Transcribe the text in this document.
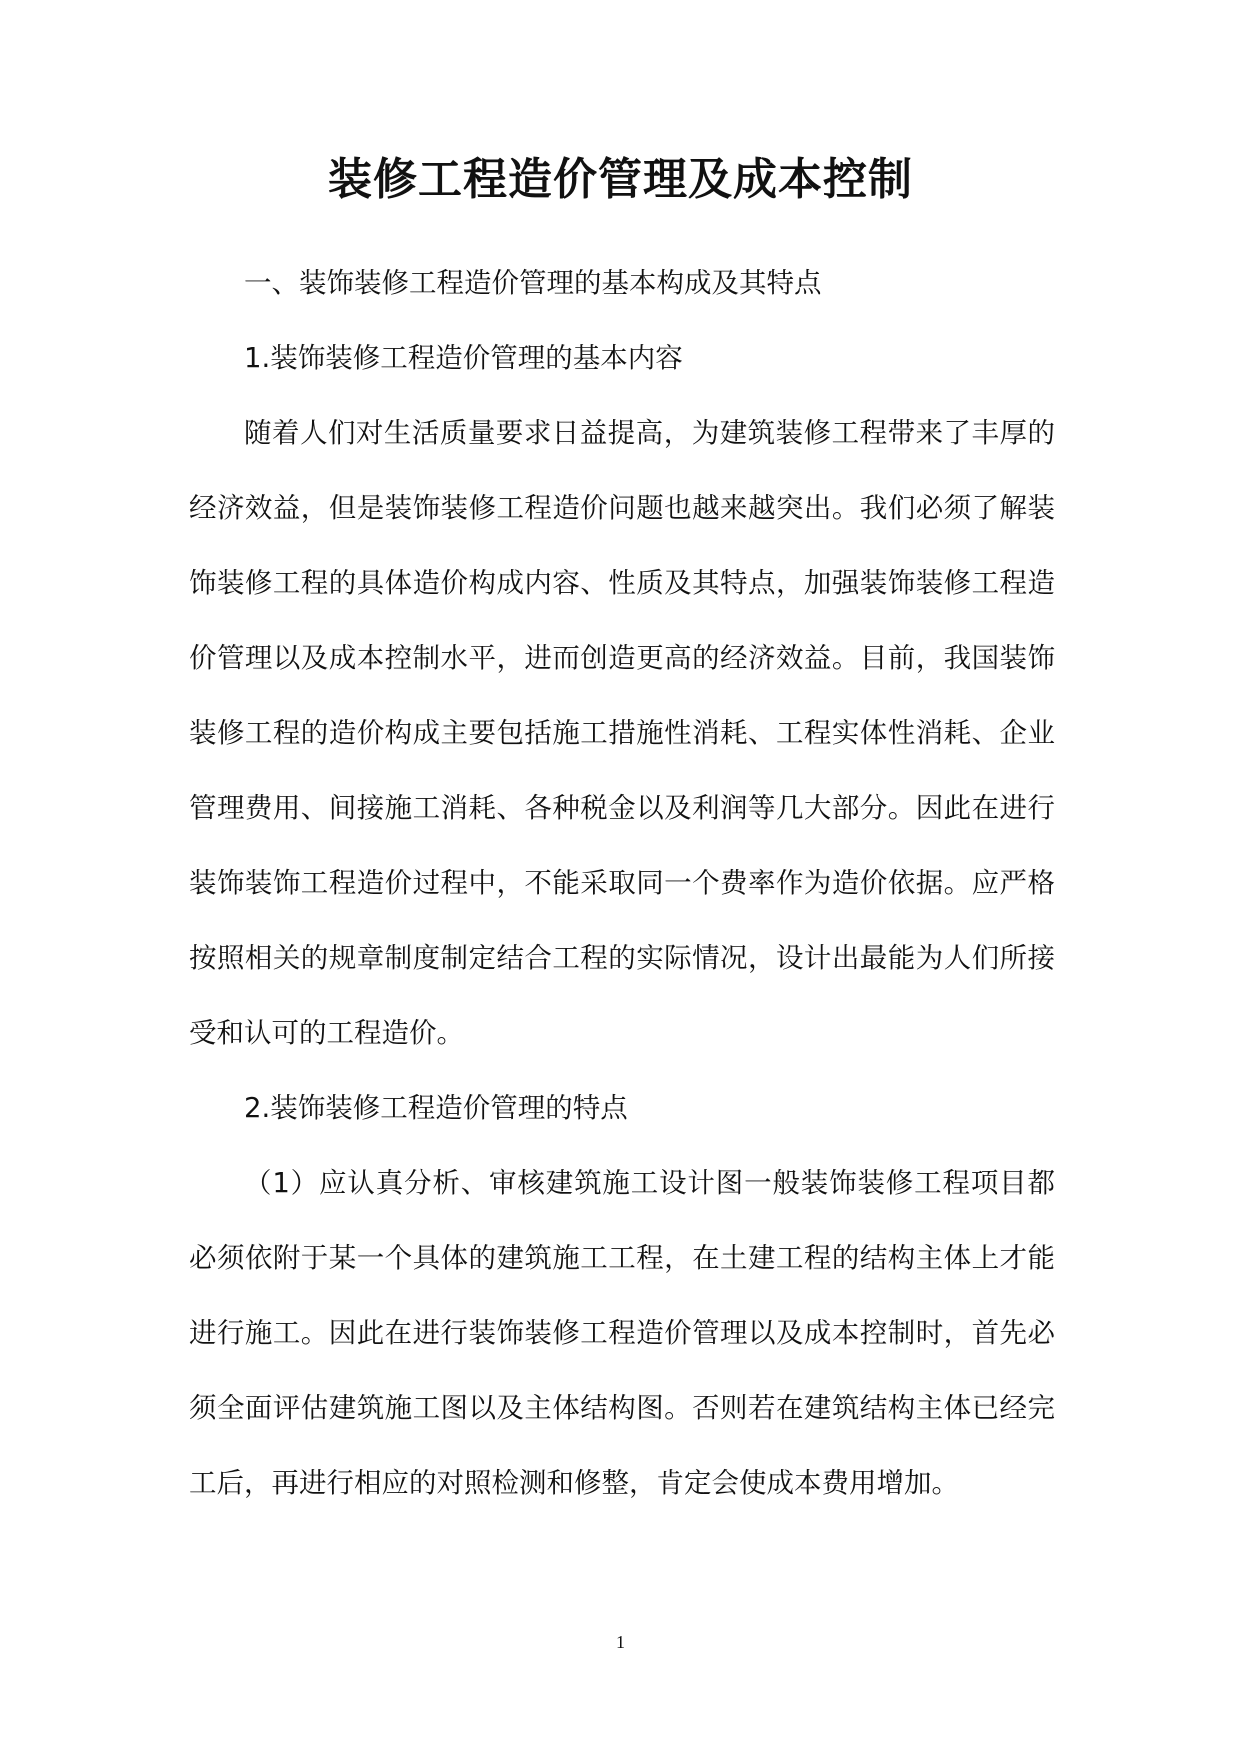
装修工程造价管理及成本控制

一、装饰装修工程造价管理的基本构成及其特点

1.装饰装修工程造价管理的基本内容

随着人们对生活质量要求日益提高，为建筑装修工程带来了丰厚的经济效益，但是装饰装修工程造价问题也越来越突出。我们必须了解装饰装修工程的具体造价构成内容、性质及其特点，加强装饰装修工程造价管理以及成本控制水平，进而创造更高的经济效益。目前，我国装饰装修工程的造价构成主要包括施工措施性消耗、工程实体性消耗、企业管理费用、间接施工消耗、各种税金以及利润等几大部分。因此在进行装饰装饰工程造价过程中，不能采取同一个费率作为造价依据。应严格按照相关的规章制度制定结合工程的实际情况，设计出最能为人们所接受和认可的工程造价。

2.装饰装修工程造价管理的特点

（1）应认真分析、审核建筑施工设计图一般装饰装修工程项目都必须依附于某一个具体的建筑施工工程，在土建工程的结构主体上才能进行施工。因此在进行装饰装修工程造价管理以及成本控制时，首先必须全面评估建筑施工图以及主体结构图。否则若在建筑结构主体已经完工后，再进行相应的对照检测和修整，肯定会使成本费用增加。

1
